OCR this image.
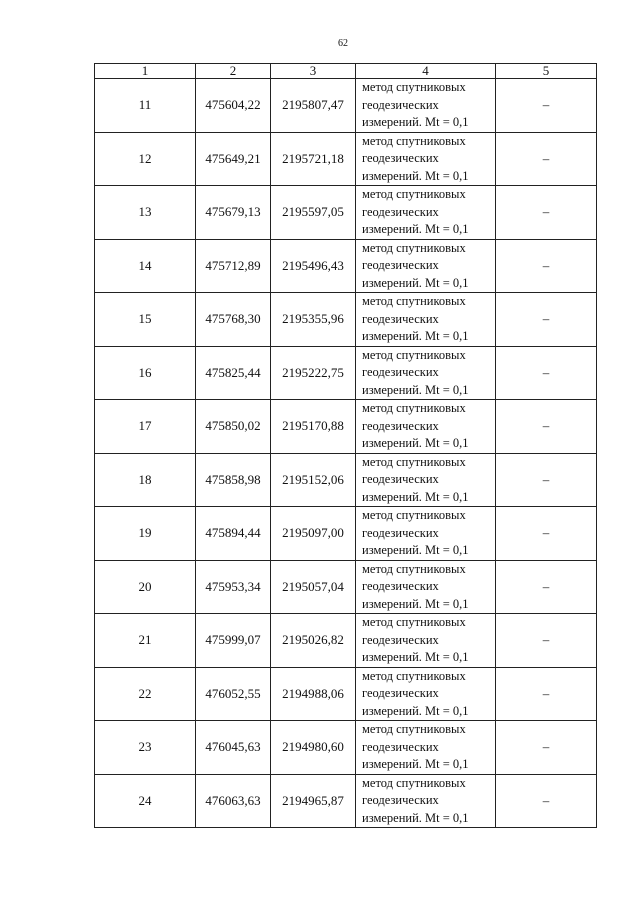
62
1	2	3	4	5
11	475604,22	2195807,47	метод спутниковых
геодезических
измерений. Mt = 0,1	–
12	475649,21	2195721,18	метод спутниковых
геодезических
измерений. Mt = 0,1	–
13	475679,13	2195597,05	метод спутниковых
геодезических
измерений. Mt = 0,1	–
14	475712,89	2195496,43	метод спутниковых
геодезических
измерений. Mt = 0,1	–
15	475768,30	2195355,96	метод спутниковых
геодезических
измерений. Mt = 0,1	–
16	475825,44	2195222,75	метод спутниковых
геодезических
измерений. Mt = 0,1	–
17	475850,02	2195170,88	метод спутниковых
геодезических
измерений. Mt = 0,1	–
18	475858,98	2195152,06	метод спутниковых
геодезических
измерений. Mt = 0,1	–
19	475894,44	2195097,00	метод спутниковых
геодезических
измерений. Mt = 0,1	–
20	475953,34	2195057,04	метод спутниковых
геодезических
измерений. Mt = 0,1	–
21	475999,07	2195026,82	метод спутниковых
геодезических
измерений. Mt = 0,1	–
22	476052,55	2194988,06	метод спутниковых
геодезических
измерений. Mt = 0,1	–
23	476045,63	2194980,60	метод спутниковых
геодезических
измерений. Mt = 0,1	–
24	476063,63	2194965,87	метод спутниковых
геодезических
измерений. Mt = 0,1	–
